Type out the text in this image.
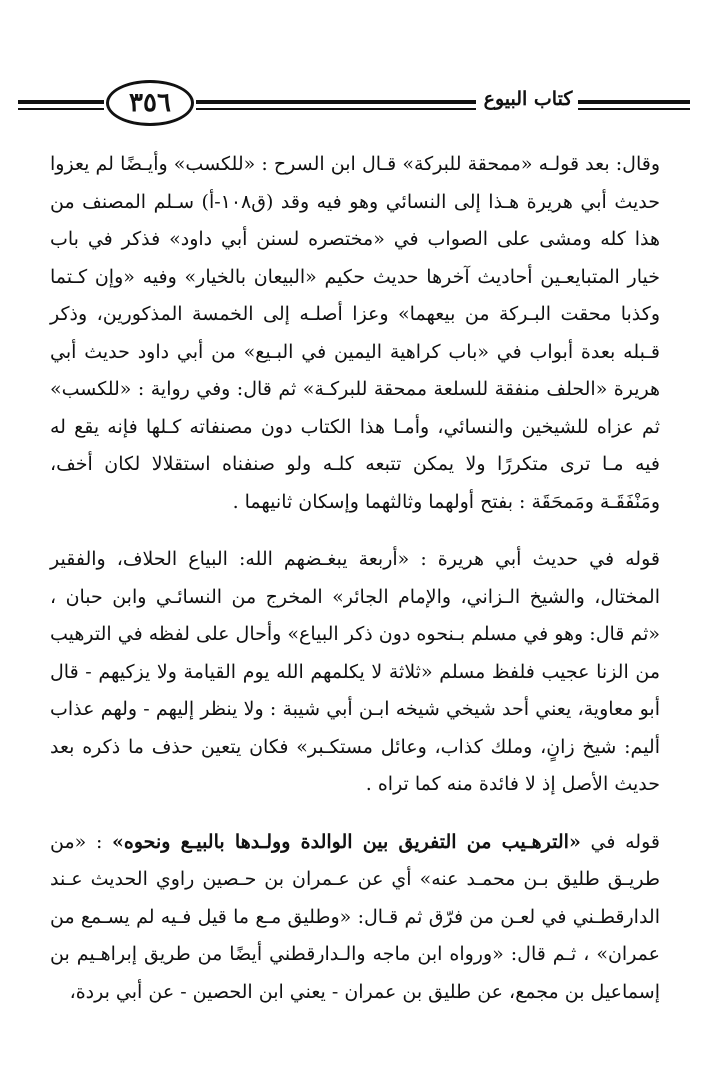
٣٥٦	كتاب البيوع

وقال: بعد قولـه «ممحقة للبركة» قـال ابن السرح : «للكسب» وأيـضًا لم يعزوا حديث أبي هريرة هـذا إلى النسائي وهو فيه وقد (ق١٠٨-أ) سـلم المصنف من هذا كله ومشى على الصواب في «مختصره لسنن أبي داود» فذكر في باب خيار المتبايعـين أحاديث آخرها حديث حكيم «البيعان بالخيار» وفيه «وإن كـتما وكذبا محقت البـركة من بيعهما» وعزا أصلـه إلى الخمسة المذكورين، وذكر قـبله بعدة أبواب في «باب كراهية اليمين في البـيع» من أبي داود حديث أبي هريرة «الحلف منفقة للسلعة ممحقة للبركـة» ثم قال: وفي رواية : «للكسب» ثم عزاه للشيخين والنسائي، وأمـا هذا الكتاب دون مصنفاته كـلها فإنه يقع له فيه مـا ترى متكررًا ولا يمكن تتبعه كلـه ولو صنفناه استقلالا لكان أخف، ومَنْفَقَـة ومَمحَقَة : بفتح أولهما وثالثهما وإسكان ثانيهما .

قوله في حديث أبي هريرة : «أربعة يبغـضهم الله: البياع الحلاف، والفقير المختال، والشيخ الـزاني، والإمام الجائر» المخرج من النسائـي وابن حبان ، «ثم قال: وهو في مسلم بـنحوه دون ذكر البياع» وأحال على لفظه في الترهيب من الزنا عجيب فلفظ مسلم «ثلاثة لا يكلمهم الله يوم القيامة ولا يزكيهم - قال أبو معاوية، يعني أحد شيخي شيخه ابـن أبي شيبة : ولا ينظر إليهم - ولهم عذاب أليم: شيخ زانٍ، وملك كذاب، وعائل مستكـبر» فكان يتعين حذف ما ذكره بعد حديث الأصل إذ لا فائدة منه كما تراه .

قوله في «الترهـيب من التفريق بين الوالدة وولـدها بالبيـع ونحوه» : «من طريـق طليق بـن محمـد عنه» أي عن عـمران بن حـصين راوي الحديث عـند الدارقطـني في لعـن من فرّق ثم قـال: «وطليق مـع ما قيل فـيه لم يسـمع من عمران» ، ثـم قال: «ورواه ابن ماجه والـدارقطني أيضًا من طريق إبراهـيم بن إسماعيل بن مجمع، عن طليق بن عمران - يعني ابن الحصين - عن أبي بردة،
